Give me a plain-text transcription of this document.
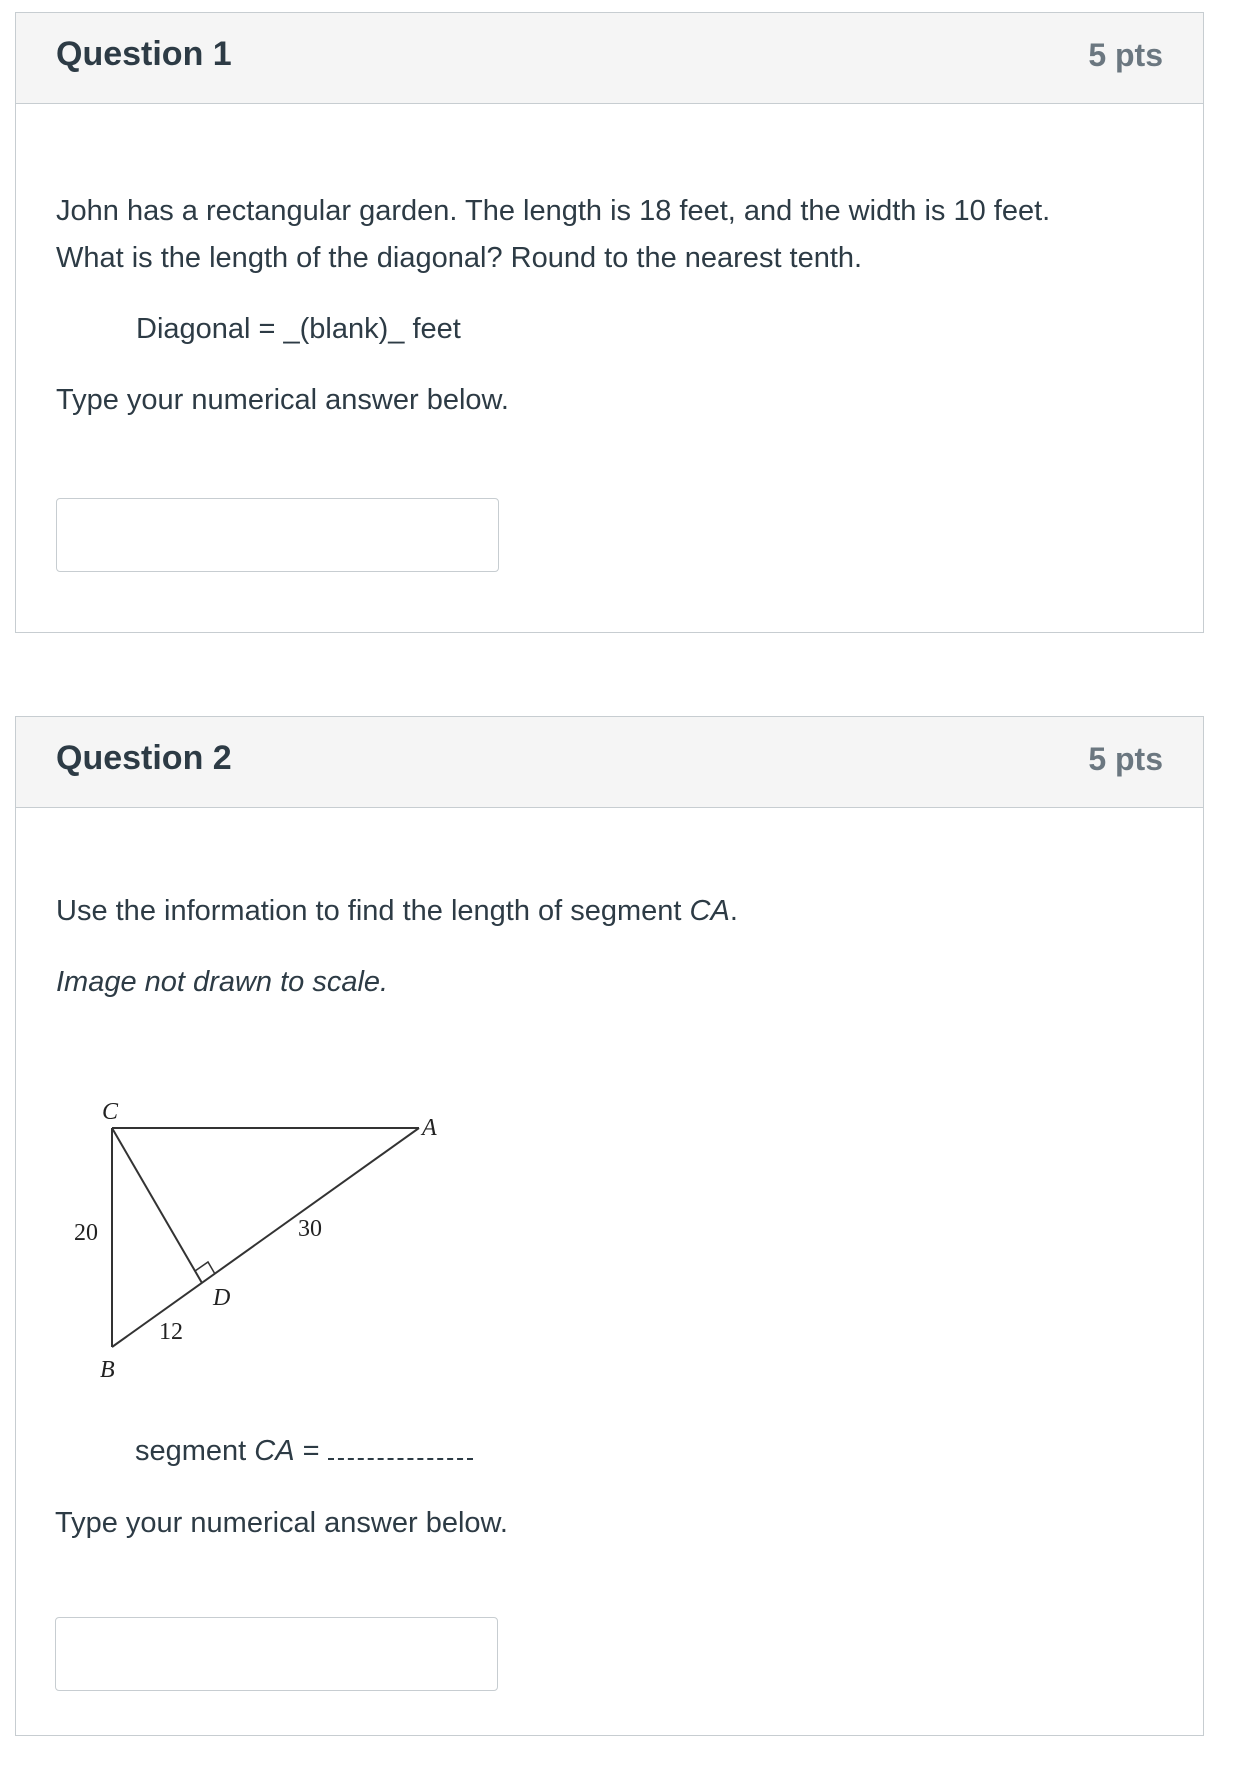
Question 1	5 pts

John has a rectangular garden. The length is 18 feet, and the width is 10 feet.

What is the length of the diagonal? Round to the nearest tenth.

Diagonal = _(blank)_ feet

Type your numerical answer below.

Question 2	5 pts

Use the information to find the length of segment CA.

Image not drawn to scale.

C
A
B
D
20	30
12

segment CA =

Type your numerical answer below.
